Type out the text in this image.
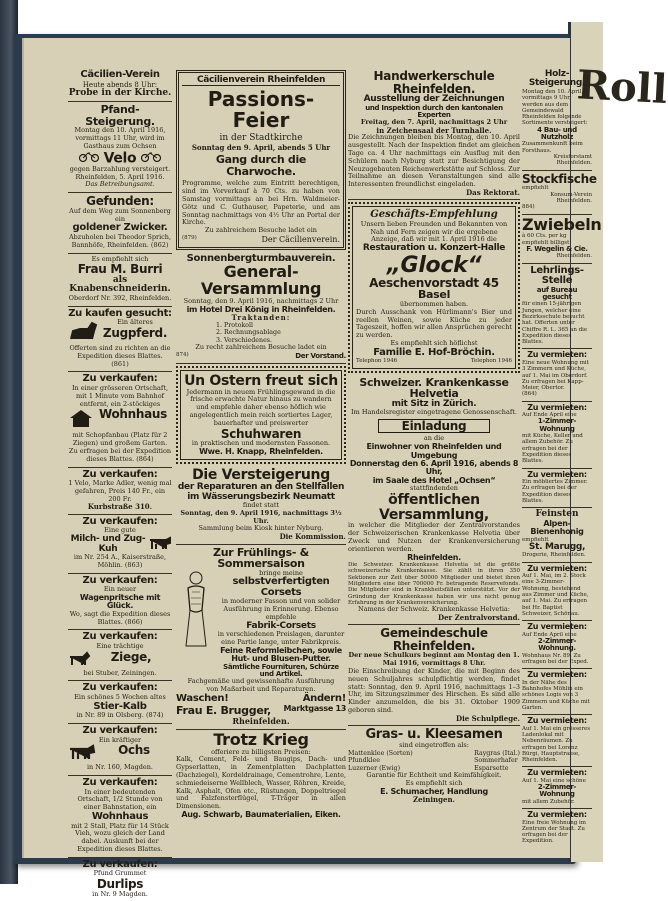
Roll
Cäcilien-Verein
Heute abends 8 Uhr:
Probe in der Kirche.
Pfand-Steigerung.
Montag den 10. April 1916, vormittags 11 Uhr, wird im Gasthaus zum Ochsen
Velo
gegen Barzahlung versteigert. Rheinfelden, 5. April 1916.
Das Betreibungsamt.
Gefunden:
Auf dem Weg zum Sonnenberg ein
goldener Zwicker.
Abzuholen bei Theodor Sprich, Bannhöfe, Rheinfelden. (862)
Es empfiehlt sich
Frau M. Burri
als Knabenschneiderin.
Oberdorf Nr. 392, Rheinfelden.
Zu kaufen gesucht:
Ein älteres
Zugpferd.
Offerten sind zu richten an die Expedition dieses Blattes. (861)
Zu verkaufen:
In einer grösseren Ortschaft, mit 1 Minute vom Bahnhof entfernt, ein 2-stöckiges
Wohnhaus
mit Schopfanbau (Platz für 2 Ziegen) und großem Garten. Zu erfragen bei der Expedition dieses Blattes. (864)
Zu verkaufen:
1 Velo, Marke Adler, wenig mal gefahren, Preis 140 Fr., ein 200 Fr.
Kurbstraße 310.
Zu verkaufen:
Eine gute
Milch- und Zug-Kuh
im Nr. 254 A., Kaiserstraße, Möhlin. (863)
Zu verkaufen:
Ein neuer
Wagenpritsche mit Glück.
Wo, sagt die Expedition dieses Blattes. (866)
Zu verkaufen:
Eine trächtige
Ziege,
bei Stuber, Zeiningen.
Zu verkaufen:
Ein schönes 5 Wochen altes
Stier-Kalb
in Nr. 89 in Olsberg. (874)
Zu verkaufen:
Ein kräftiger
Ochs
in Nr. 160, Magden.
Zu verkaufen:
In einer bedeutenden Ortschaft, 1/2 Stunde von einer Bahnstation, ein
Wohnhaus
mit 2 Stall, Platz für 14 Stück Vieh, wozu gleich der Land dabei. Auskunft bei der Expedition dieses Blattes.
Zu verkaufen:
Pfund Grummet
Durlips
in Nr. 9 Magden.
Cäcilienverein Rheinfelden
Passions-Feier
in der Stadtkirche
Sonntag den 9. April, abends 5 Uhr
Gang durch die Charwoche.
Programme, welche zum Eintritt berechtigen, sind im Vorverkauf à 70 Cts. zu haben von Samstag vormittags an bei Hrn. Waldmeier-Götz und C. Guthauser, Papeterie, und am Sonntag nachmittags von 4½ Uhr an Portal der Kirche.
Zu zahlreichem Besuche ladet ein
(879)	Der Cäcilienverein.
Sonnenbergturmbauverein.
General-Versammlung
Sonntag, den 9. April 1916, nachmittags 2 Uhr
im Hotel Drei König in Rheinfelden.
Traktanden:
1. Protokoll
2. Rechnungsablage
3. Verschiedenes.
Zu recht zahlreichem Besuche ladet ein
874)	Der Vorstand.
Un Ostern freut sich
Jedermann in neuem Frühlingsgewand in die frische erwachte Natur hinaus zu wandern und empfehle daher ebenso höflich wie angelegentlich mein reich sortiertes Lager, bauerhafter und preiswerter
Schuhwaren
in praktischen und modernsten Fassonen.
Wwe. H. Knapp, Rheinfelden.
Die Versteigerung
der Reparaturen an den Stellfallen im Wässerungsbezirk Neumatt
findet statt
Sonntag, den 9. April 1916, nachmittags 3½ Uhr.
Sammlung beim Kiosk hinter Nyburg.
Die Kommission.
Zur Frühlings- & Sommersaison
bringe meine
selbstverfertigten Corsets
in moderner Fasson und von solider Ausführung in Erinnerung. Ebenso empfehle
Fabrik-Corsets
in verschiedenen Preislagen, darunter eine Partie lange, unter Fabrikpreis.
Feine Reformleibchen, sowie Hut- und Blusen-Putter.
Sämtliche Fournituren, Schürze und Artikel.
Fachgemäße und gewissenhafte Ausführung
von Maßarbeit und Reparaturen.
Waschen!	Ändern!
Frau E. Brugger, Marktgasse 13
Rheinfelden.
Trotz Krieg
offeriere zu billigsten Preisen:
Kalk, Cement, Feld- und Baugips, Dach- und Gypserlatten, in Zementplatten Dachplatten (Dachziegel), Kordeldrainage, Cementrohre, Lente, schmiedeiserne Wellblech, Wasser, Röhren, Kreide, Kalk, Asphalt, Ofen etc., Rüstungen, Doppeltriegel und Falzfensterflügel, T-Träger in allen Dimensionen.
Aug. Schwarb, Baumaterialien, Eiken.
Handwerkerschule Rheinfelden.
Ausstellung der Zeichnungen
und Inspektion durch den kantonalen Experten
Freitag, den 7. April, nachmittags 2 Uhr
in Zeichensaal der Turnhalle.
Die Zeichnungen bleiben bis Montag, den 10. April ausgestellt. Nach der Inspektion findet am gleichen Tage ca. 4 Uhr nachmittags ein Ausflug mit den Schülern nach Nyburg statt zur Besichtigung der Neuzugebauten Reichenwerkstätte auf Schloss. Zur Teilnahme an diesen Veranstaltungen sind alle Interessenten freundlichst eingeladen.
Das Rektorat.
Geschäfts-Empfehlung
Unsern lieben Freunden und Bekannten von Nah und Fern zeigen wir die ergebene Anzeige, daß wir mit 1. April 1916 die
Restauration u. Konzert-Halle
„Glock“
Aeschenvorstadt 45
Basel
übernommen haben.
Durch Ausschank von Hürlimann's Bier und reellen Weinen, sowie Küche zu jeder Tageszeit, hoffen wir allen Ansprüchen gerecht zu werden.
Es empfiehlt sich höflichst
Familie E. Hof-Bröchin.
Telephon 1946	Telephon 1946
Schweizer. Krankenkasse Helvetia
mit Sitz in Zürich.
Im Handelsregister eingetragene Genossenschaft.
Einladung
an die
Einwohner von Rheinfelden und Umgebung
Donnerstag den 6. April 1916, abends 8 Uhr,
im Saale des Hotel „Ochsen“
stattfindenden
öffentlichen Versammlung,
in welcher die Mitglieder der Zentralvorstandes der Schweizerischen Krankenkasse Helvetia über Zweck und Nutzen der Krankenversicherung orientieren werden.
Rheinfelden.
Die Schweizer. Krankenkasse Helvetia ist die größte schweizerische Krankenkasse. Sie zählt in ihren 350 Sektionen zur Zeit über 50000 Mitglieder und bietet ihren Mitgliedern eine über 700000 Fr. betragende Reservefonds. Die Mitglieder sind in Krankheitsfällen unterstützt. Vor der Gründung der Krankenkasse haben wir uns nicht genug Erfahrung in der Krankenversicherung.
Namens der Schweiz. Krankenkasse Helvetia:
Der Zentralvorstand.
Gemeindeschule Rheinfelden.
Der neue Schulkurs beginnt am Montag den 1. Mai 1916, vormittags 8 Uhr.
Die Einschreibung der Kinder, die mit Beginn des neuen Schuljahres schulpflichtig werden, findet statt: Sonntag, den 9. April 1916, nachmittags 1–3 Uhr, im Sitzungszimmer des Hirschen. Es sind alle Kinder anzumelden, die bis 31. Oktober 1909 geboren sind.
Die Schulpflege.
Gras- u. Kleesamen
sind eingetroffen als:
Mattenklee (Sorten)
Pfundklee
Luzerner (Ewig)
Raygras (Ital.)
Sommerhafer
Esparsette
Garantie für Echtheit und Keimfähigkeit.
Es empfiehlt sich
E. Schumacher, Handlung
Zeiningen.
Holz-Steigerung.
Montag den 10. April, vormittags 9 Uhr, werden aus dem Gemeindewald Rheinfelden folgende Sortimente versteigert:
4 Bau- und Nutzholz
Zusammenkunft beim Forsthaus.
Kreisforstamt Rheinfelden.
Stockfische
empfiehlt
Konsum-Verein Rheinfelden.
884)
Zwiebeln
à 60 Cts. per kg empfiehlt billigst
F. Wegelin & Cie.
Rheinfelden.
Lehrlings-Stelle
auf Bureau gesucht
für einen 15-jährigen Jungen, welcher eine Bezirksschule besucht hat. Offerten unter Chiffre R. L. 365 an die Expedition dieses Blattes.
Zu vermieten:
Eine neue Wohnung mit 3 Zimmern und Küche, auf 1. Mai im Oberdorf. Zu erfragen bei Kapp-Meier, Obertor.
(864)
Zu vermieten:
Auf Ende April eine
1-Zimmer-Wohnung
mit Küche, Keller und allem Zubehör. Zu erfragen bei der Expedition dieses Blattes.
Zu vermieten:
Ein möbliertes Zimmer.
Zu erfragen bei der Expedition dieses Blattes.
Feinsten
Alpen-Bienenhonig
empfiehlt
St. Marugg,
Drogerie, Rheinfelden.
Zu vermieten:
Auf 1. Mai, im 2. Stock eine 3-Zimmer-Wohnung, bestehend aus Zimmer und Küche, auf 1. Mai. Zu erfragen bei Hr. Baptist Schweizer, Schönau.
Zu vermieten:
Auf Ende April eine
2-Zimmer-Wohnung.
Wohnhaus Nr. 89. Zu erfragen bei der Exped.
Zu vermieten:
In der Nähe des Bahnhofes Möhlin ein schönes Logis von 3 Zimmern und Küche mit Garten.
Zu vermieten:
Auf 1. Mai ein grösseres Ladenlokal mit Nebenräumen. Zu erfragen bei Lorenz Bürgi, Hauptstrasse, Rheinfelden.
Zu vermieten:
Auf 1. Mai eine schöne
2-Zimmer-Wohnung
mit allem Zubehör.
Zu vermieten:
Eine freie Wohnung im Zentrum der Stadt. Zu erfragen bei der Expedition.
